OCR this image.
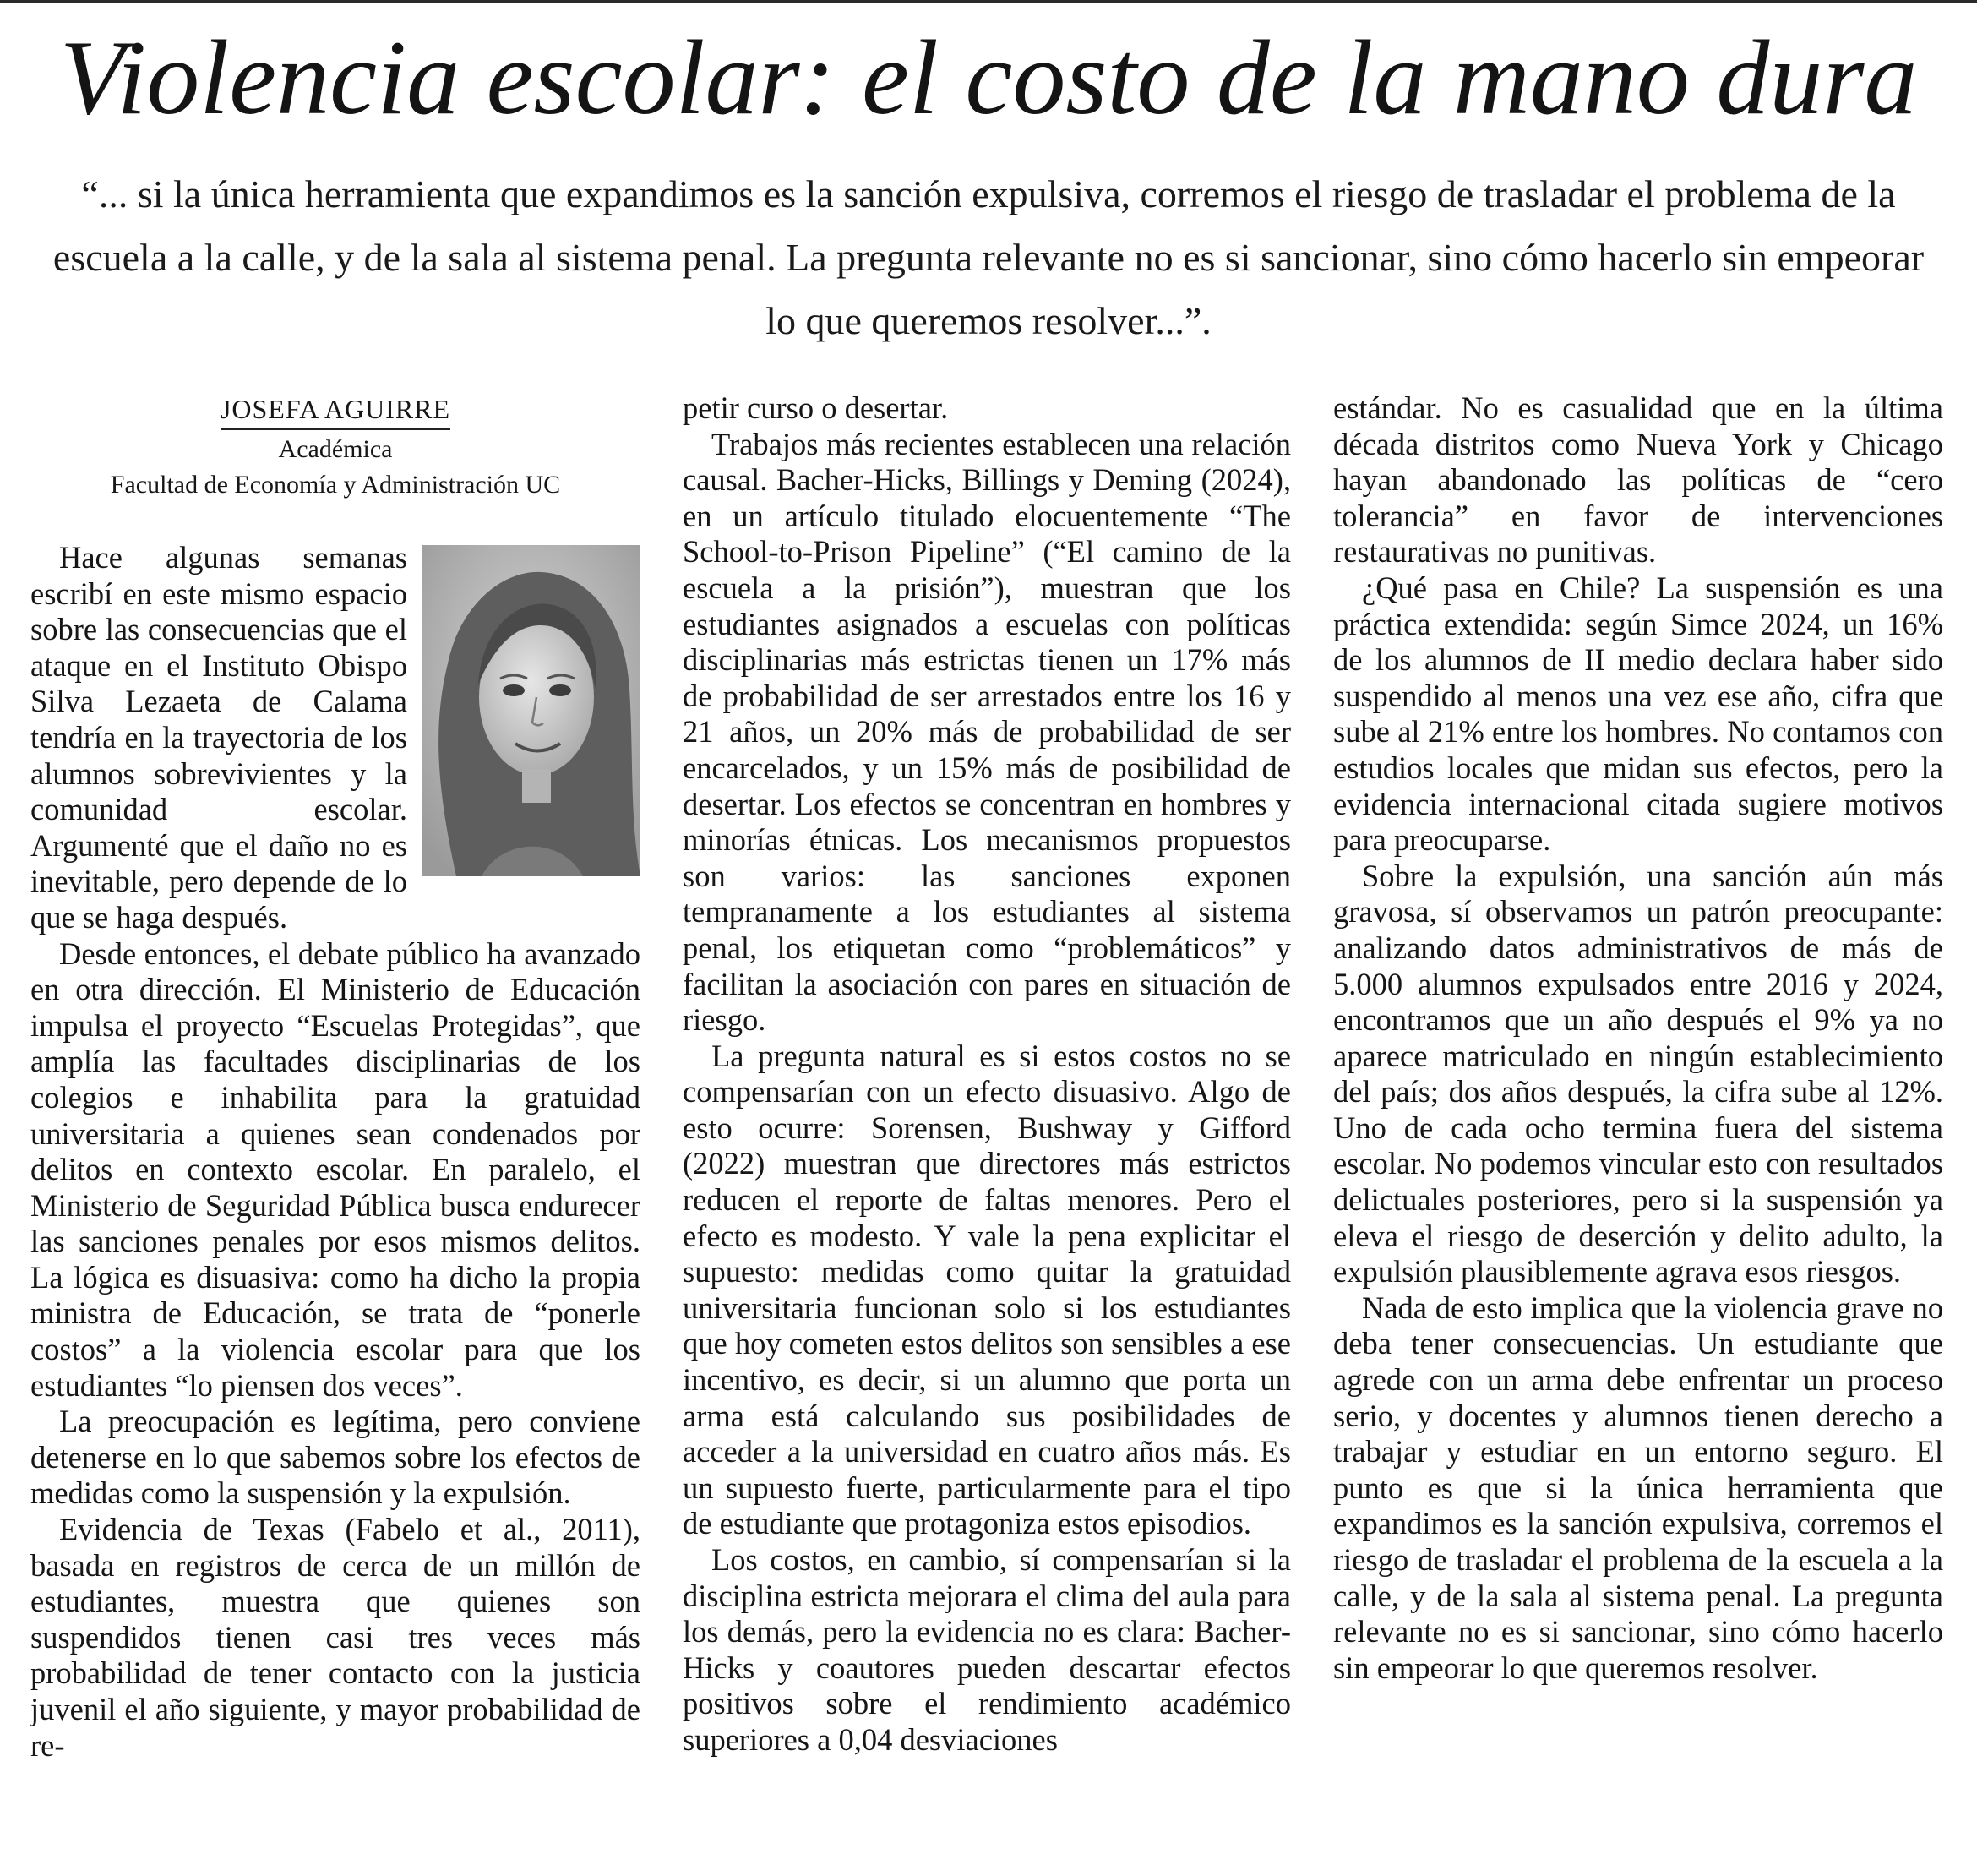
Violencia escolar: el costo de la mano dura

“... si la única herramienta que expandimos es la sanción expulsiva, corremos el riesgo de trasladar el problema de la escuela a la calle, y de la sala al sistema penal. La pregunta relevante no es si sancionar, sino cómo hacerlo sin empeorar lo que queremos resolver...”.

JOSEFA AGUIRRE
Académica
Facultad de Economía y Administración UC

Hace algunas semanas escribí en este mismo espacio sobre las consecuencias que el ataque en el Instituto Obispo Silva Lezaeta de Calama tendría en la trayectoria de los alumnos sobrevivientes y la comunidad escolar. Argumenté que el daño no es inevitable, pero depende de lo que se haga después.

Desde entonces, el debate público ha avanzado en otra dirección. El Ministerio de Educación impulsa el proyecto “Escuelas Protegidas”, que amplía las facultades disciplinarias de los colegios e inhabilita para la gratuidad universitaria a quienes sean condenados por delitos en contexto escolar. En paralelo, el Ministerio de Seguridad Pública busca endurecer las sanciones penales por esos mismos delitos. La lógica es disuasiva: como ha dicho la propia ministra de Educación, se trata de “ponerle costos” a la violencia escolar para que los estudiantes “lo piensen dos veces”.

La preocupación es legítima, pero conviene detenerse en lo que sabemos sobre los efectos de medidas como la suspensión y la expulsión.

Evidencia de Texas (Fabelo et al., 2011), basada en registros de cerca de un millón de estudiantes, muestra que quienes son suspendidos tienen casi tres veces más probabilidad de tener contacto con la justicia juvenil el año siguiente, y mayor probabilidad de re-

petir curso o desertar.

Trabajos más recientes establecen una relación causal. Bacher-Hicks, Billings y Deming (2024), en un artículo titulado elocuentemente “The School-to-Prison Pipeline” (“El camino de la escuela a la prisión”), muestran que los estudiantes asignados a escuelas con políticas disciplinarias más estrictas tienen un 17% más de probabilidad de ser arrestados entre los 16 y 21 años, un 20% más de probabilidad de ser encarcelados, y un 15% más de posibilidad de desertar. Los efectos se concentran en hombres y minorías étnicas. Los mecanismos propuestos son varios: las sanciones exponen tempranamente a los estudiantes al sistema penal, los etiquetan como “problemáticos” y facilitan la asociación con pares en situación de riesgo.

La pregunta natural es si estos costos no se compensarían con un efecto disuasivo. Algo de esto ocurre: Sorensen, Bushway y Gifford (2022) muestran que directores más estrictos reducen el reporte de faltas menores. Pero el efecto es modesto. Y vale la pena explicitar el supuesto: medidas como quitar la gratuidad universitaria funcionan solo si los estudiantes que hoy cometen estos delitos son sensibles a ese incentivo, es decir, si un alumno que porta un arma está calculando sus posibilidades de acceder a la universidad en cuatro años más. Es un supuesto fuerte, particularmente para el tipo de estudiante que protagoniza estos episodios.

Los costos, en cambio, sí compensarían si la disciplina estricta mejorara el clima del aula para los demás, pero la evidencia no es clara: Bacher-Hicks y coautores pueden descartar efectos positivos sobre el rendimiento académico superiores a 0,04 desviaciones

estándar. No es casualidad que en la última década distritos como Nueva York y Chicago hayan abandonado las políticas de “cero tolerancia” en favor de intervenciones restaurativas no punitivas.

¿Qué pasa en Chile? La suspensión es una práctica extendida: según Simce 2024, un 16% de los alumnos de II medio declara haber sido suspendido al menos una vez ese año, cifra que sube al 21% entre los hombres. No contamos con estudios locales que midan sus efectos, pero la evidencia internacional citada sugiere motivos para preocuparse.

Sobre la expulsión, una sanción aún más gravosa, sí observamos un patrón preocupante: analizando datos administrativos de más de 5.000 alumnos expulsados entre 2016 y 2024, encontramos que un año después el 9% ya no aparece matriculado en ningún establecimiento del país; dos años después, la cifra sube al 12%. Uno de cada ocho termina fuera del sistema escolar. No podemos vincular esto con resultados delictuales posteriores, pero si la suspensión ya eleva el riesgo de deserción y delito adulto, la expulsión plausiblemente agrava esos riesgos.

Nada de esto implica que la violencia grave no deba tener consecuencias. Un estudiante que agrede con un arma debe enfrentar un proceso serio, y docentes y alumnos tienen derecho a trabajar y estudiar en un entorno seguro. El punto es que si la única herramienta que expandimos es la sanción expulsiva, corremos el riesgo de trasladar el problema de la escuela a la calle, y de la sala al sistema penal. La pregunta relevante no es si sancionar, sino cómo hacerlo sin empeorar lo que queremos resolver.
